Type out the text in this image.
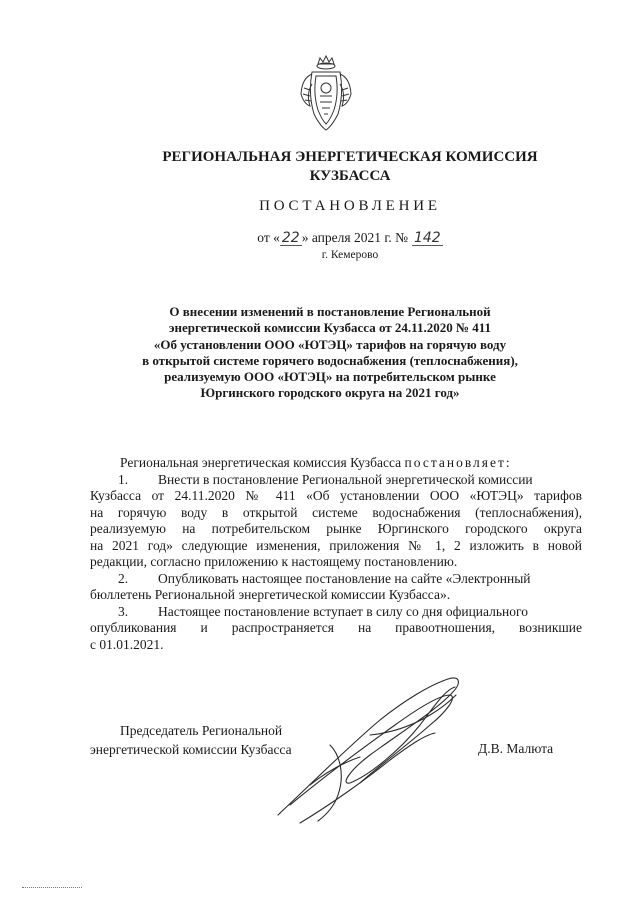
РЕГИОНАЛЬНАЯ ЭНЕРГЕТИЧЕСКАЯ КОМИССИЯ
КУЗБАССА
ПОСТАНОВЛЕНИЕ
от « 22 » апреля 2021 г. № 142
г. Кемерово
О внесении изменений в постановление Региональной
энергетической комиссии Кузбасса от 24.11.2020 № 411
«Об установлении ООО «ЮТЭЦ» тарифов на горячую воду
в открытой системе горячего водоснабжения (теплоснабжения),
реализуемую ООО «ЮТЭЦ» на потребительском рынке
Юргинского городского округа на 2021 год»
Региональная энергетическая комиссия Кузбасса постановляет:
1. Внести в постановление Региональной энергетической комиссии
Кузбасса от 24.11.2020 № 411 «Об установлении ООО «ЮТЭЦ» тарифов
на горячую воду в открытой системе водоснабжения (теплоснабжения),
реализуемую на потребительском рынке Юргинского городского округа
на 2021 год» следующие изменения, приложения № 1, 2 изложить в новой
редакции, согласно приложению к настоящему постановлению.
2. Опубликовать настоящее постановление на сайте «Электронный
бюллетень Региональной энергетической комиссии Кузбасса».
3. Настоящее постановление вступает в силу со дня официального
опубликования и распространяется на правоотношения, возникшие
с 01.01.2021.
Председатель Региональной
энергетической комиссии Кузбасса	Д.В. Малюта
